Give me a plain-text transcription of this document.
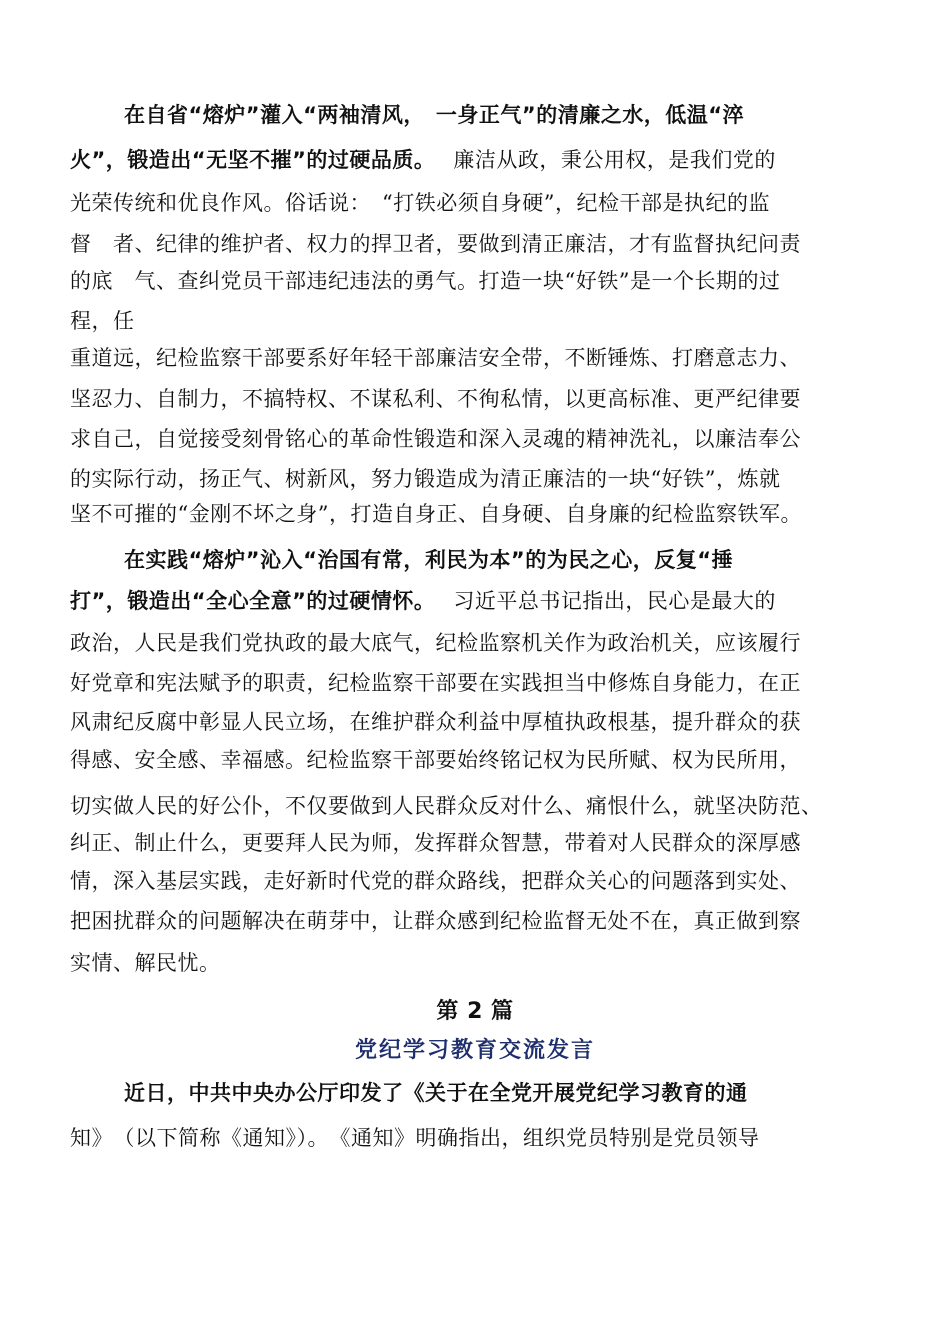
在自省“熔炉”灌入“两袖清风，　一身正气”的清廉之水，低温“淬
火”，锻造出“无坚不摧”的过硬品质。 廉洁从政，秉公用权，是我们党的
光荣传统和优良作风。俗话说：　“打铁必须自身硬”，纪检干部是执纪的监
督　者、纪律的维护者、权力的捍卫者，要做到清正廉洁，才有监督执纪问责
的底　气、查纠党员干部违纪违法的勇气。打造一块“好铁”是一个长期的过
程，任
重道远，纪检监察干部要系好年轻干部廉洁安全带，不断锤炼、打磨意志力、
坚忍力、自制力，不搞特权、不谋私利、不徇私情，以更高标准、更严纪律要
求自己，自觉接受刻骨铭心的革命性锻造和深入灵魂的精神洗礼，以廉洁奉公
的实际行动，扬正气、树新风，努力锻造成为清正廉洁的一块“好铁”，炼就
坚不可摧的“金刚不坏之身”，打造自身正、自身硬、自身廉的纪检监察铁军。
在实践“熔炉”沁入“治国有常，利民为本”的为民之心，反复“捶
打”，锻造出“全心全意”的过硬情怀。 习近平总书记指出，民心是最大的
政治，人民是我们党执政的最大底气，纪检监察机关作为政治机关，应该履行
好党章和宪法赋予的职责，纪检监察干部要在实践担当中修炼自身能力，在正
风肃纪反腐中彰显人民立场，在维护群众利益中厚植执政根基，提升群众的获
得感、安全感、幸福感。纪检监察干部要始终铭记权为民所赋、权为民所用，
切实做人民的好公仆，不仅要做到人民群众反对什么、痛恨什么，就坚决防范、
纠正、制止什么，更要拜人民为师，发挥群众智慧，带着对人民群众的深厚感
情，深入基层实践，走好新时代党的群众路线，把群众关心的问题落到实处、
把困扰群众的问题解决在萌芽中，让群众感到纪检监督无处不在，真正做到察
实情、解民忧。
第 2 篇
党纪学习教育交流发言
近日，中共中央办公厅印发了《关于在全党开展党纪学习教育的通
知》　（以下简称《通知》）。　《通知》明确指出，组织党员特别是党员领导
